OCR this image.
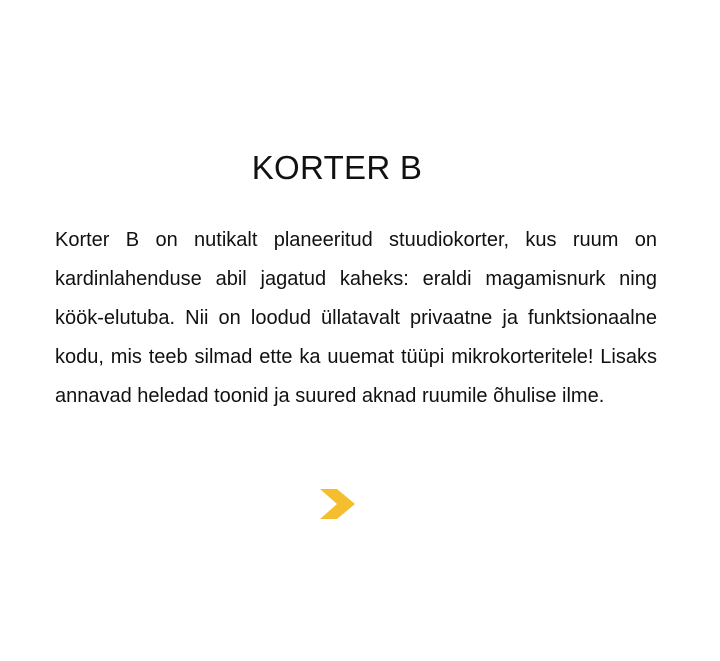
KORTER B

Korter B on nutikalt planeeritud stuudiokorter, kus ruum on kardinlahenduse abil jagatud kaheks: eraldi magamisnurk ning köök-elutuba. Nii on loodud üllatavalt privaatne ja funktsionaalne kodu, mis teeb silmad ette ka uuemat tüüpi mikrokorteritele! Lisaks annavad heledad toonid ja suured aknad ruumile õhulise ilme.
